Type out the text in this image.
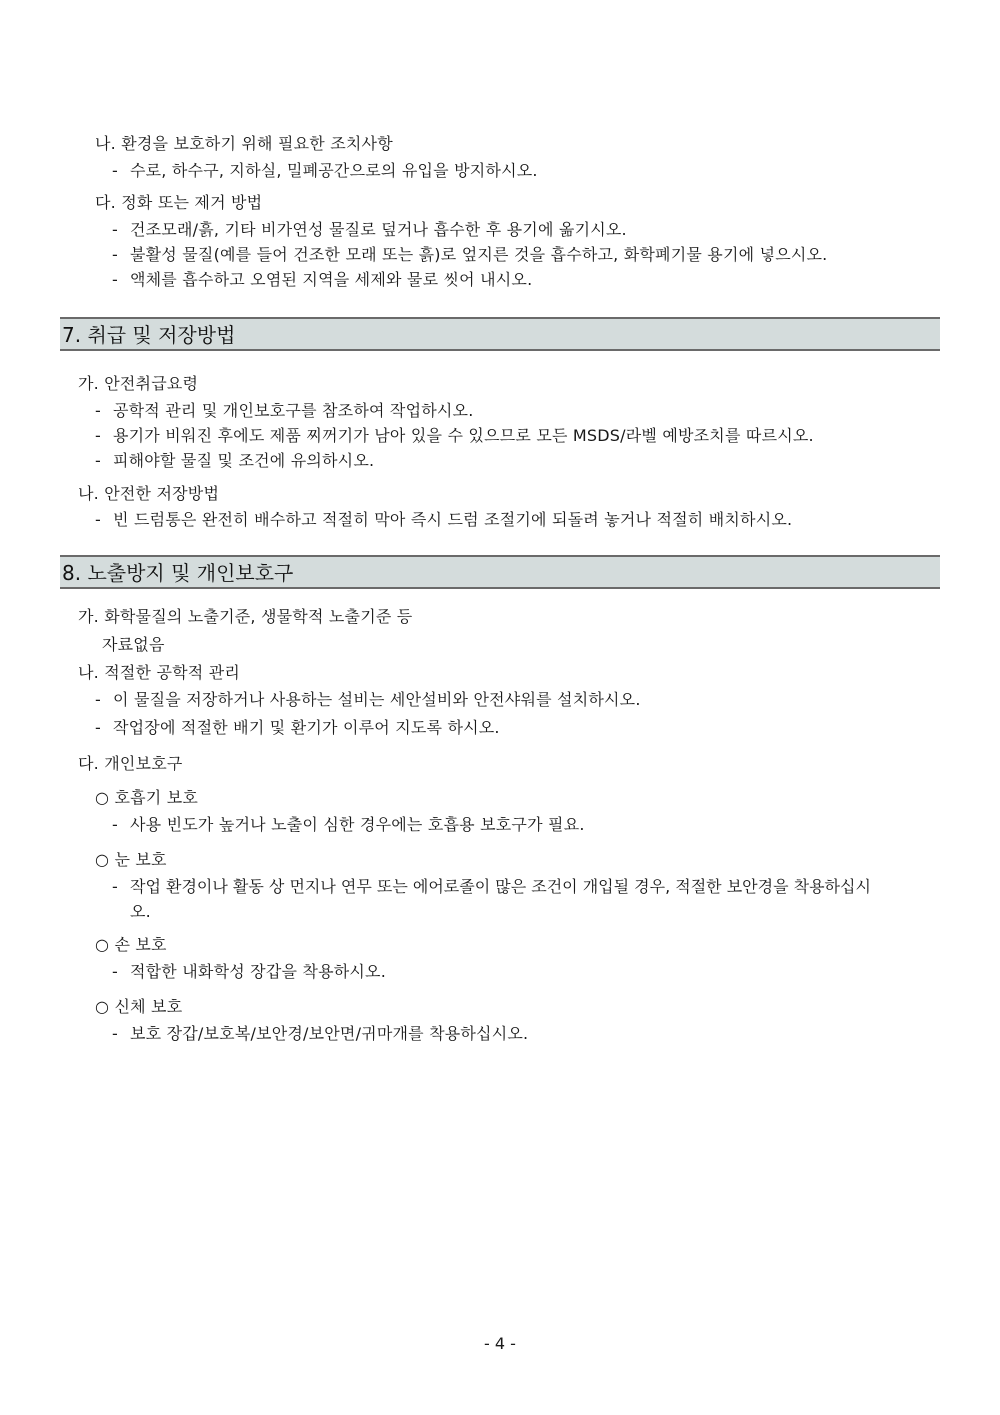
나. 환경을 보호하기 위해 필요한 조치사항
- 수로, 하수구, 지하실, 밀폐공간으로의 유입을 방지하시오.
다. 정화 또는 제거 방법
- 건조모래/흙, 기타 비가연성 물질로 덮거나 흡수한 후 용기에 옮기시오.
- 불활성 물질(예를 들어 건조한 모래 또는 흙)로 엎지른 것을 흡수하고, 화학폐기물 용기에 넣으시오.
- 액체를 흡수하고 오염된 지역을 세제와 물로 씻어 내시오.
7. 취급 및 저장방법
가. 안전취급요령
- 공학적 관리 및 개인보호구를 참조하여 작업하시오.
- 용기가 비워진 후에도 제품 찌꺼기가 남아 있을 수 있으므로 모든 MSDS/라벨 예방조치를 따르시오.
- 피해야할 물질 및 조건에 유의하시오.
나. 안전한 저장방법
- 빈 드럼통은 완전히 배수하고 적절히 막아 즉시 드럼 조절기에 되돌려 놓거나 적절히 배치하시오.
8. 노출방지 및 개인보호구
가. 화학물질의 노출기준, 생물학적 노출기준 등
자료없음
나. 적절한 공학적 관리
- 이 물질을 저장하거나 사용하는 설비는 세안설비와 안전샤워를 설치하시오.
- 작업장에 적절한 배기 및 환기가 이루어 지도록 하시오.
다. 개인보호구
○ 호흡기 보호
- 사용 빈도가 높거나 노출이 심한 경우에는 호흡용 보호구가 필요.
○ 눈 보호
- 작업 환경이나 활동 상 먼지나 연무 또는 에어로졸이 많은 조건이 개입될 경우, 적절한 보안경을 착용하십시
오.
○ 손 보호
- 적합한 내화학성 장갑을 착용하시오.
○ 신체 보호
- 보호 장갑/보호복/보안경/보안면/귀마개를 착용하십시오.
- 4 -
